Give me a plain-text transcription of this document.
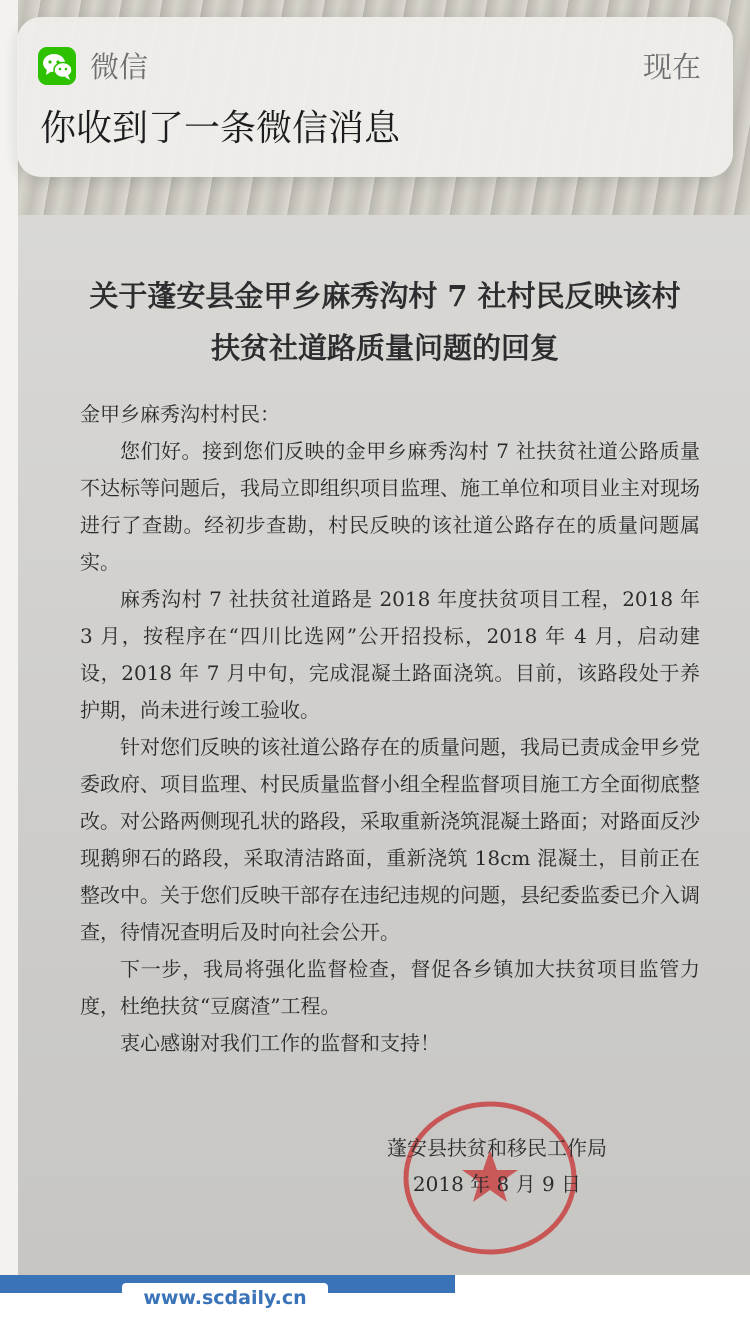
关于蓬安县金甲乡麻秀沟村 7 社村民反映该村
扶贫社道路质量问题的回复
金甲乡麻秀沟村村民：
您们好。接到您们反映的金甲乡麻秀沟村 7 社扶贫社道公路质量不达标等问题后，我局立即组织项目监理、施工单位和项目业主对现场进行了查勘。经初步查勘，村民反映的该社道公路存在的质量问题属实。
麻秀沟村 7 社扶贫社道路是 2018 年度扶贫项目工程，2018 年 3 月，按程序在“四川比选网”公开招投标，2018 年 4 月，启动建设，2018 年 7 月中旬，完成混凝土路面浇筑。目前，该路段处于养护期，尚未进行竣工验收。
针对您们反映的该社道公路存在的质量问题，我局已责成金甲乡党委政府、项目监理、村民质量监督小组全程监督项目施工方全面彻底整改。对公路两侧现孔状的路段，采取重新浇筑混凝土路面；对路面反沙现鹅卵石的路段，采取清洁路面，重新浇筑 18cm 混凝土，目前正在整改中。关于您们反映干部存在违纪违规的问题，县纪委监委已介入调查，待情况查明后及时向社会公开。
下一步，我局将强化监督检查，督促各乡镇加大扶贫项目监管力度，杜绝扶贫“豆腐渣”工程。
衷心感谢对我们工作的监督和支持！
蓬安县扶贫和移民工作局
2018 年 8 月 9 日
www.scdaily.cn
微信	现在
你收到了一条微信消息
